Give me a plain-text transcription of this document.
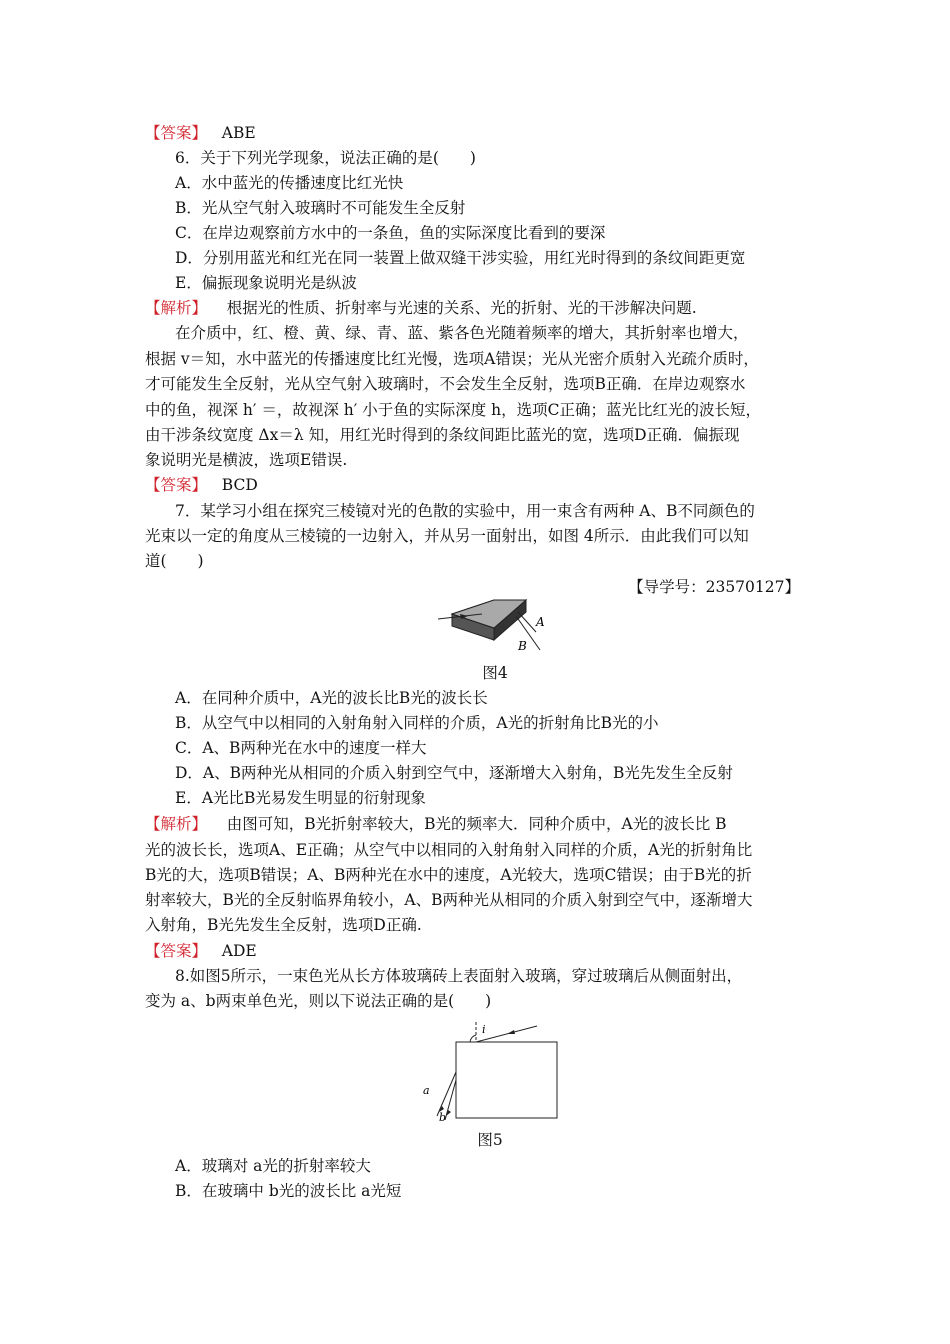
【答案】 ABE
6．关于下列光学现象，说法正确的是(　　)
A．水中蓝光的传播速度比红光快
B．光从空气射入玻璃时不可能发生全反射
C．在岸边观察前方水中的一条鱼，鱼的实际深度比看到的要深
D．分别用蓝光和红光在同一装置上做双缝干涉实验，用红光时得到的条纹间距更宽
E．偏振现象说明光是纵波
【解析】 根据光的性质、折射率与光速的关系、光的折射、光的干涉解决问题.
在介质中，红、橙、黄、绿、青、蓝、紫各色光随着频率的增大，其折射率也增大，
根据 v＝知，水中蓝光的传播速度比红光慢，选项A错误；光从光密介质射入光疏介质时，
才可能发生全反射，光从空气射入玻璃时，不会发生全反射，选项B正确．在岸边观察水
中的鱼，视深 h′ ＝，故视深 h′ 小于鱼的实际深度 h，选项C正确；蓝光比红光的波长短，
由干涉条纹宽度 Δx＝λ 知，用红光时得到的条纹间距比蓝光的宽，选项D正确．偏振现
象说明光是横波，选项E错误.
【答案】 BCD
7．某学习小组在探究三棱镜对光的色散的实验中，用一束含有两种 A、B不同颜色的
光束以一定的角度从三棱镜的一边射入，并从另一面射出，如图 4所示．由此我们可以知
道(　　)
【导学号：23570127】
A
B
图4
A．在同种介质中，A光的波长比B光的波长长
B．从空气中以相同的入射角射入同样的介质，A光的折射角比B光的小
C．A、B两种光在水中的速度一样大
D．A、B两种光从相同的介质入射到空气中，逐渐增大入射角，B光先发生全反射
E．A光比B光易发生明显的衍射现象
【解析】 由图可知，B光折射率较大，B光的频率大．同种介质中，A光的波长比 B
光的波长长，选项A、E正确；从空气中以相同的入射角射入同样的介质，A光的折射角比
B光的大，选项B错误；A、B两种光在水中的速度，A光较大，选项C错误；由于B光的折
射率较大，B光的全反射临界角较小，A、B两种光从相同的介质入射到空气中，逐渐增大
入射角，B光先发生全反射，选项D正确.
【答案】 ADE
8.如图5所示，一束色光从长方体玻璃砖上表面射入玻璃，穿过玻璃后从侧面射出，
变为 a、b两束单色光，则以下说法正确的是(　　)
i
a
b
图5
A．玻璃对 a光的折射率较大
B．在玻璃中 b光的波长比 a光短
